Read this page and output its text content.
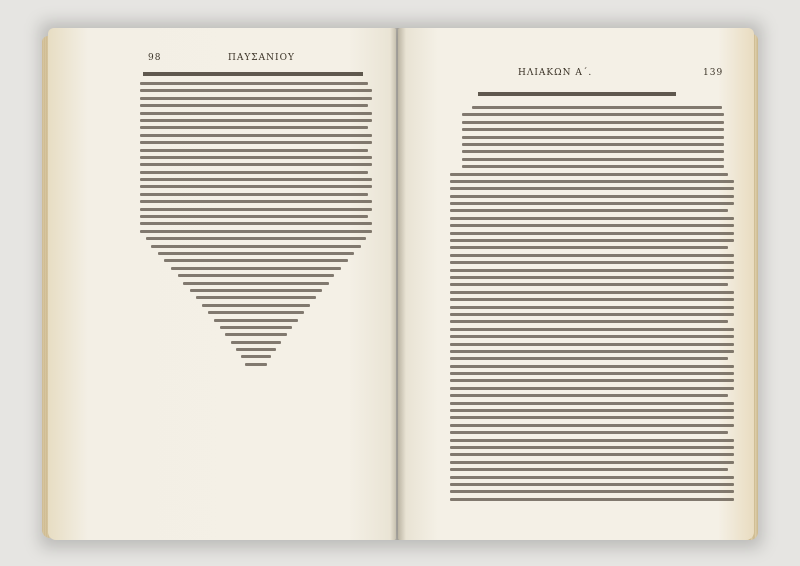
98	ΠΑΥΣΑΝΙΟΥ
ΗΛΙΑΚΩΝ Α΄.	139
